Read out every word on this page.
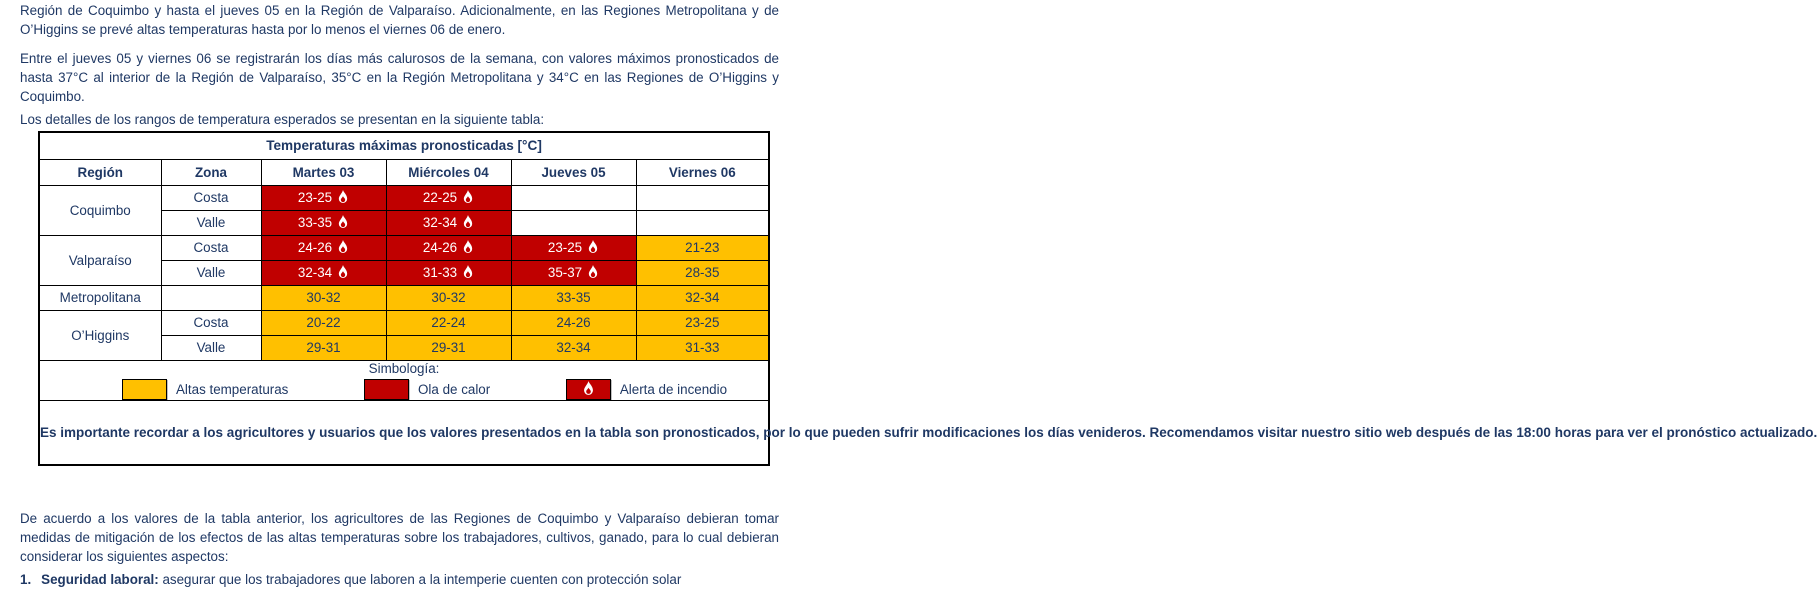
Región de Coquimbo y hasta el jueves 05 en la Región de Valparaíso. Adicionalmente, en las Regiones Metropolitana y de O’Higgins se prevé altas temperaturas hasta por lo menos el viernes 06 de enero.

Entre el jueves 05 y viernes 06 se registrarán los días más calurosos de la semana, con valores máximos pronosticados de hasta 37°C al interior de la Región de Valparaíso, 35°C en la Región Metropolitana y 34°C en las Regiones de O’Higgins y Coquimbo.

Los detalles de los rangos de temperatura esperados se presentan en la siguiente tabla:

Temperaturas máximas pronosticadas [°C]					
Región	Zona	Martes 03	Miércoles 04	Jueves 05	Viernes 06
Coquimbo	Costa	23-25	22-25		
	Valle	33-35	32-34		
Valparaíso	Costa	24-26	24-26	23-25	21-23
	Valle	32-34	31-33	35-37	28-35
Metropolitana		30-32	30-32	33-35	32-34
O’Higgins	Costa	20-22	22-24	24-26	23-25
	Valle	29-31	29-31	32-34	31-33

Simbología:
Altas temperaturas Ola de calor Alerta de incendio					

Es importante recordar a los agricultores y usuarios que los valores presentados en la tabla son pronosticados, por lo que pueden sufrir modificaciones los días venideros. Recomendamos visitar nuestro sitio web después de las 18:00 horas para ver el pronóstico actualizado.					

De acuerdo a los valores de la tabla anterior, los agricultores de las Regiones de Coquimbo y Valparaíso debieran tomar medidas de mitigación de los efectos de las altas temperaturas sobre los trabajadores, cultivos, ganado, para lo cual debieran considerar los siguientes aspectos:

1. Seguridad laboral: asegurar que los trabajadores que laboren a la intemperie cuenten con protección solar
